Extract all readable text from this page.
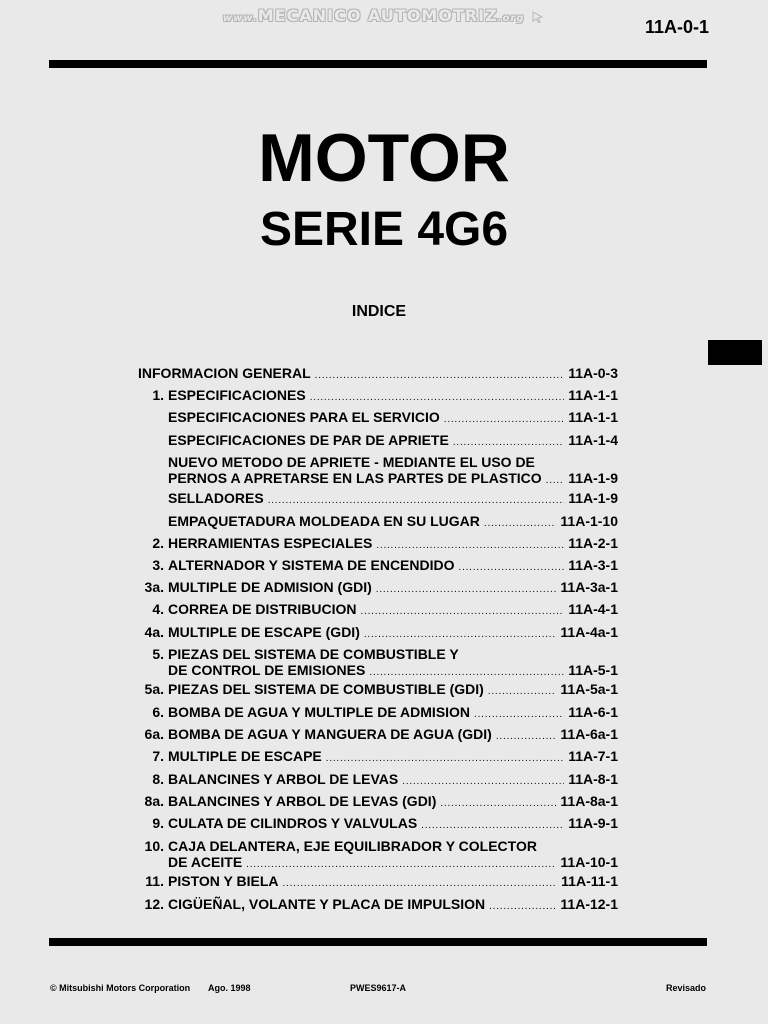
www.MECANICO AUTOMOTRIZ.org	11A-0-1
MOTOR
SERIE 4G6
INDICE
INFORMACION GENERAL . . .	11A-0-3
1. ESPECIFICACIONES . . .	11A-1-1
ESPECIFICACIONES PARA EL SERVICIO . . .	11A-1-1
ESPECIFICACIONES DE PAR DE APRIETE . . .	11A-1-4
NUEVO METODO DE APRIETE - MEDIANTE EL USO DE
PERNOS A APRETARSE EN LAS PARTES DE PLASTICO . . . 11A-1-9
SELLADORES . . .	11A-1-9
EMPAQUETADURA MOLDEADA EN SU LUGAR . . .	11A-1-10
2. HERRAMIENTAS ESPECIALES . . .	11A-2-1
3. ALTERNADOR Y SISTEMA DE ENCENDIDO . . .	11A-3-1
3a. MULTIPLE DE ADMISION (GDI) . . .	11A-3a-1
4. CORREA DE DISTRIBUCION . . .	11A-4-1
4a. MULTIPLE DE ESCAPE (GDI) . . .	11A-4a-1
5. PIEZAS DEL SISTEMA DE COMBUSTIBLE Y
DE CONTROL DE EMISIONES . . .	11A-5-1
5a. PIEZAS DEL SISTEMA DE COMBUSTIBLE (GDI) . . .	11A-5a-1
6. BOMBA DE AGUA Y MULTIPLE DE ADMISION . . .	11A-6-1
6a. BOMBA DE AGUA Y MANGUERA DE AGUA (GDI) . . .	11A-6a-1
7. MULTIPLE DE ESCAPE . . .	11A-7-1
8. BALANCINES Y ARBOL DE LEVAS . . .	11A-8-1
8a. BALANCINES Y ARBOL DE LEVAS (GDI) . . .	11A-8a-1
9. CULATA DE CILINDROS Y VALVULAS . . .	11A-9-1
10. CAJA DELANTERA, EJE EQUILIBRADOR Y COLECTOR
DE ACEITE . . .	11A-10-1
11. PISTON Y BIELA . . .	11A-11-1
12. CIGÜEÑAL, VOLANTE Y PLACA DE IMPULSION . . .	11A-12-1
© Mitsubishi Motors Corporation Ago. 1998	PWES9617-A	Revisado
